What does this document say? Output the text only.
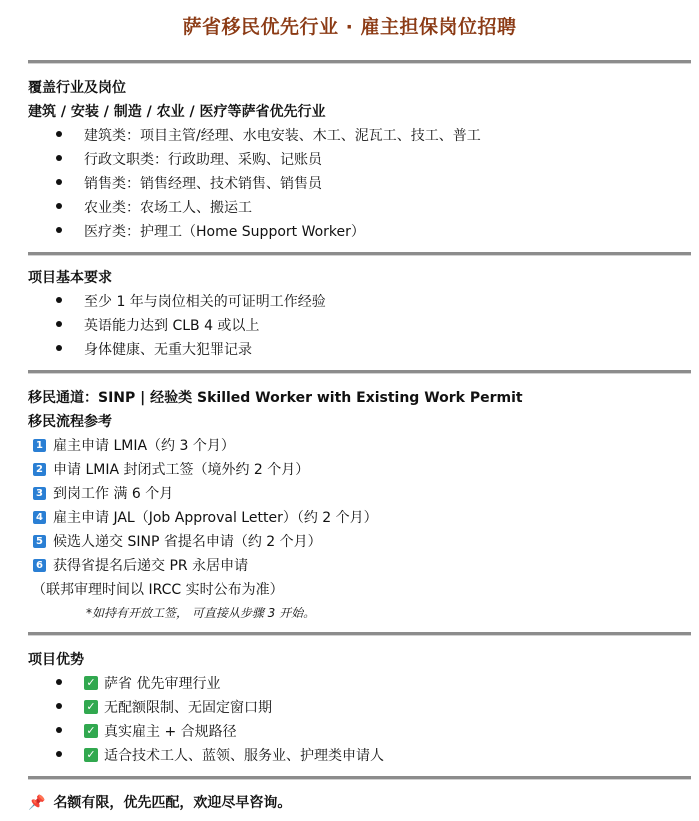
萨省移民优先行业 · 雇主担保岗位招聘
覆盖行业及岗位
建筑 / 安装 / 制造 / 农业 / 医疗等萨省优先行业
建筑类：项目主管/经理、水电安装、木工、泥瓦工、技工、普工
行政文职类：行政助理、采购、记账员
销售类：销售经理、技术销售、销售员
农业类：农场工人、搬运工
医疗类：护理工（Home Support Worker）
项目基本要求
至少 1 年与岗位相关的可证明工作经验
英语能力达到 CLB 4 或以上
身体健康、无重大犯罪记录
移民通道：SINP | 经验类 Skilled Worker with Existing Work Permit
移民流程参考
1 雇主申请 LMIA（约 3 个月）
2 申请 LMIA 封闭式工签（境外约 2 个月）
3 到岗工作 满 6 个月
4 雇主申请 JAL（Job Approval Letter）（约 2 个月）
5 候选人递交 SINP 省提名申请（约 2 个月）
6 获得省提名后递交 PR 永居申请
（联邦审理时间以 IRCC 实时公布为准）
*如持有开放工签， 可直接从步骤 3 开始。
项目优势
✓ 萨省 优先审理行业
✓ 无配额限制、无固定窗口期
✓ 真实雇主 + 合规路径
✓ 适合技术工人、蓝领、服务业、护理类申请人
📌 名额有限，优先匹配，欢迎尽早咨询。
